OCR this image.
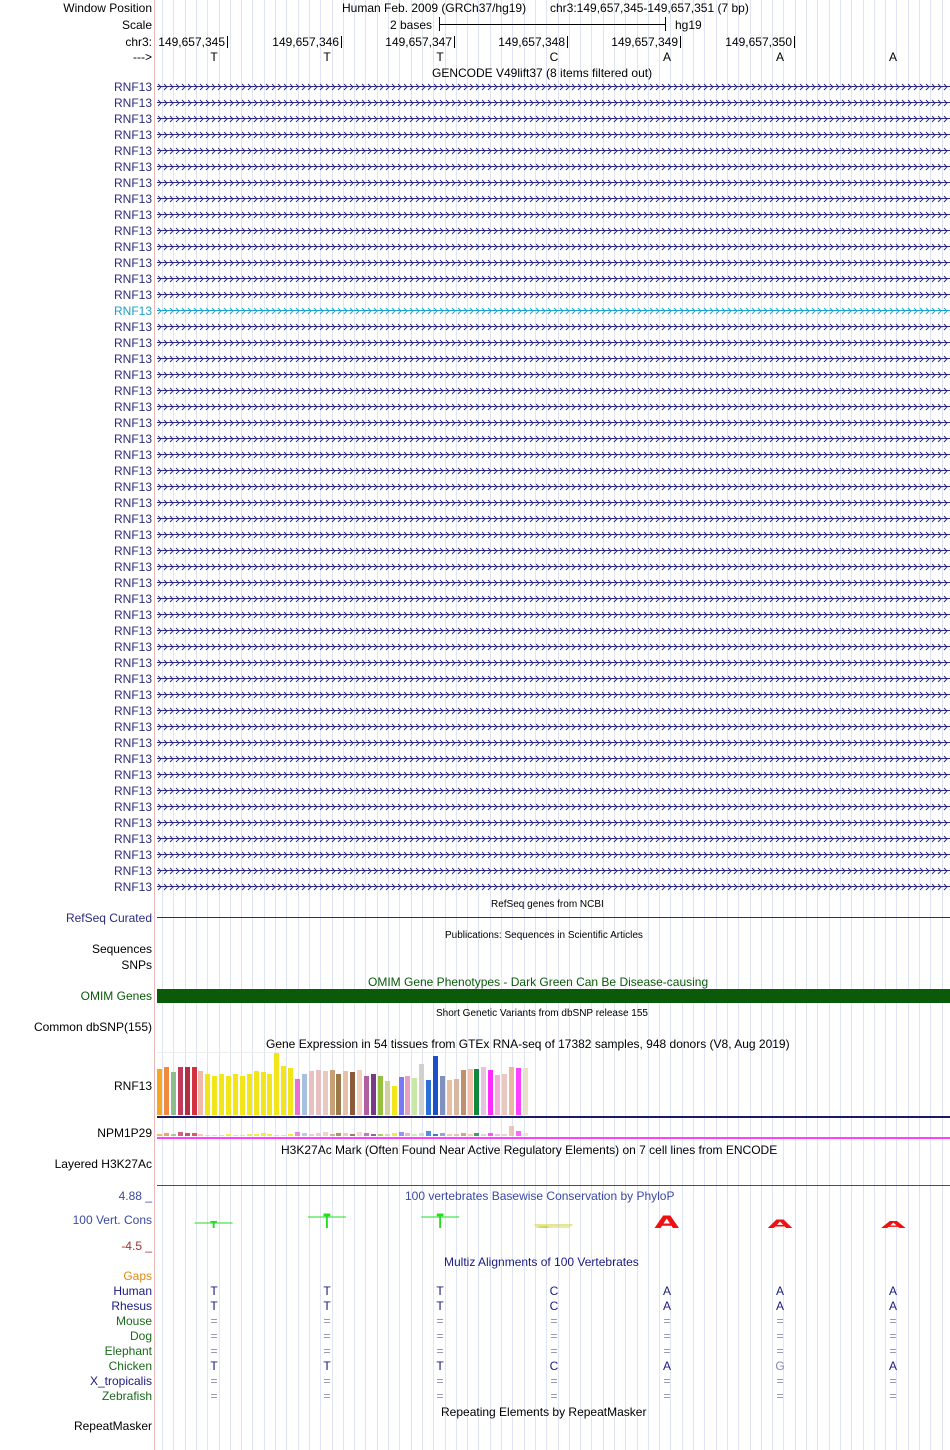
Window Position	Human Feb. 2009 (GRCh37/hg19) chr3:149,657,345-149,657,351 (7 bp)
Scale	2 bases	hg19
chr3: 149,657,345	149,657,346	149,657,347	149,657,348	149,657,349	149,657,350
--->	T	T	T	C	A	A	A
GENCODE V49lift37 (8 items filtered out)
RNF13
RNF13
RNF13
RNF13
RNF13
RNF13
RNF13
RNF13
RNF13
RNF13
RNF13
RNF13
RNF13
RNF13
RNF13
RNF13
RNF13
RNF13
RNF13
RNF13
RNF13
RNF13
RNF13
RNF13
RNF13
RNF13
RNF13
RNF13
RNF13
RNF13
RNF13
RNF13
RNF13
RNF13
RNF13
RNF13
RNF13
RNF13
RNF13
RNF13
RNF13
RNF13
RNF13
RNF13
RNF13
RNF13
RNF13
RNF13
RNF13
RNF13
RNF13
RefSeq genes from NCBI
RefSeq Curated
Publications: Sequences in Scientific Articles
Sequences
SNPs
OMIM Gene Phenotypes - Dark Green Can Be Disease-causing
OMIM Genes
Short Genetic Variants from dbSNP release 155
Common dbSNP(155)
Gene Expression in 54 tissues from GTEx RNA-seq of 17382 samples, 948 donors (V8, Aug 2019)
RNF13
NPM1P29
H3K27Ac Mark (Often Found Near Active Regulatory Elements) on 7 cell lines from ENCODE
Layered H3K27Ac
100 vertebrates Basewise Conservation by PhyloP
4.88 _
100 Vert. Cons
-4.5 _
T	T	T	C	A	A	A
Multiz Alignments of 100 Vertebrates
Gaps
Human	T	T	T	C	A	A	A
Rhesus	T	T	T	C	A	A	A
Mouse	=	=	=	=	=	=	=
Dog	=	=	=	=	=	=	=
Elephant	=	=	=	=	=	=	=
Chicken	T	T	T	C	A	G	A
X_tropicalis	=	=	=	=	=	=	=
Zebrafish	=	=	=	=	=	=	=
Repeating Elements by RepeatMasker
RepeatMasker
